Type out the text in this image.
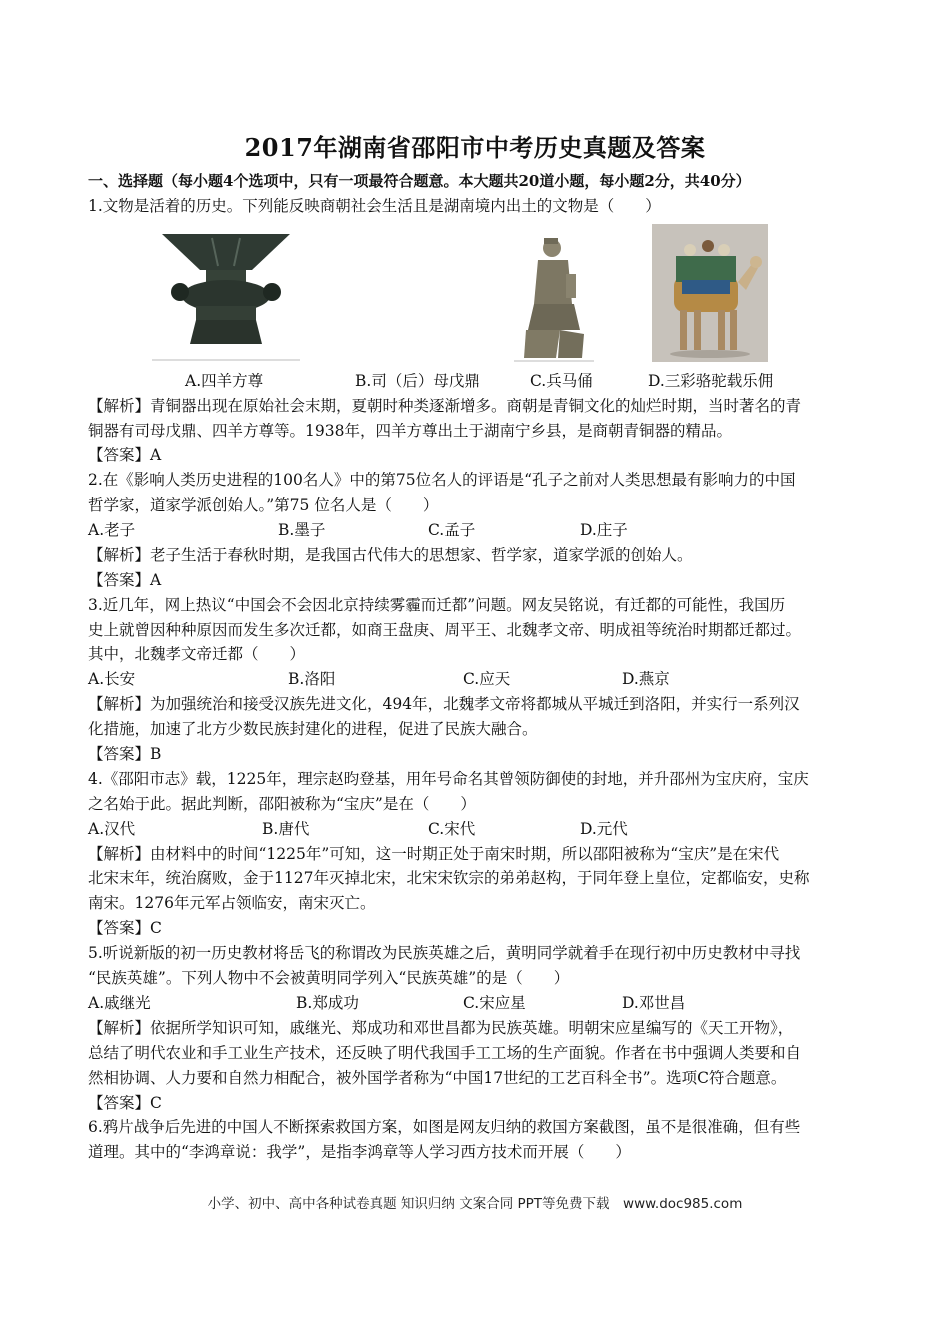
2017年湖南省邵阳市中考历史真题及答案
一、选择题（每小题4个选项中，只有一项最符合题意。本大题共20道小题，每小题2分，共40分）
1.文物是活着的历史。下列能反映商朝社会生活且是湖南境内出土的文物是（　　）
A.四羊方尊	B.司（后）母戊鼎	C.兵马俑	D.三彩骆驼载乐佣
【解析】青铜器出现在原始社会末期，夏朝时种类逐渐增多。商朝是青铜文化的灿烂时期，当时著名的青
铜器有司母戊鼎、四羊方尊等。1938年，四羊方尊出土于湖南宁乡县，是商朝青铜器的精品。
【答案】A
2.在《影响人类历史进程的100名人》中的第75位名人的评语是“孔子之前对人类思想最有影响力的中国
哲学家，道家学派创始人。”第75 位名人是（　　）
A.老子	B.墨子	C.孟子	D.庄子
【解析】老子生活于春秋时期，是我国古代伟大的思想家、哲学家，道家学派的创始人。
【答案】A
3.近几年，网上热议“中国会不会因北京持续雾霾而迁都”问题。网友吴铭说，有迁都的可能性，我国历
史上就曾因种种原因而发生多次迁都，如商王盘庚、周平王、北魏孝文帝、明成祖等统治时期都迁都过。
其中，北魏孝文帝迁都（　　）
A.长安	B.洛阳	C.应天	D.燕京
【解析】为加强统治和接受汉族先进文化，494年，北魏孝文帝将都城从平城迁到洛阳，并实行一系列汉
化措施，加速了北方少数民族封建化的进程，促进了民族大融合。
【答案】B
4.《邵阳市志》载，1225年，理宗赵昀登基，用年号命名其曾领防御使的封地，并升邵州为宝庆府，宝庆
之名始于此。据此判断，邵阳被称为“宝庆”是在（　　）
A.汉代	B.唐代	C.宋代	D.元代
【解析】由材料中的时间“1225年”可知，这一时期正处于南宋时期，所以邵阳被称为“宝庆”是在宋代
北宋末年，统治腐败，金于1127年灭掉北宋，北宋宋钦宗的弟弟赵构，于同年登上皇位，定都临安，史称
南宋。1276年元军占领临安，南宋灭亡。
【答案】C
5.听说新版的初一历史教材将岳飞的称谓改为民族英雄之后，黄明同学就着手在现行初中历史教材中寻找
“民族英雄”。下列人物中不会被黄明同学列入“民族英雄”的是（　　）
A.戚继光	B.郑成功	C.宋应星	D.邓世昌
【解析】依据所学知识可知，戚继光、郑成功和邓世昌都为民族英雄。明朝宋应星编写的《天工开物》，
总结了明代农业和手工业生产技术，还反映了明代我国手工工场的生产面貌。作者在书中强调人类要和自
然相协调、人力要和自然力相配合，被外国学者称为“中国17世纪的工艺百科全书”。选项C符合题意。
【答案】C
6.鸦片战争后先进的中国人不断探索救国方案，如图是网友归纳的救国方案截图，虽不是很准确，但有些
道理。其中的“李鸿章说：我学”，是指李鸿章等人学习西方技术而开展（　　）
小学、初中、高中各种试卷真题 知识归纳 文案合同 PPT等免费下载　www.doc985.com
